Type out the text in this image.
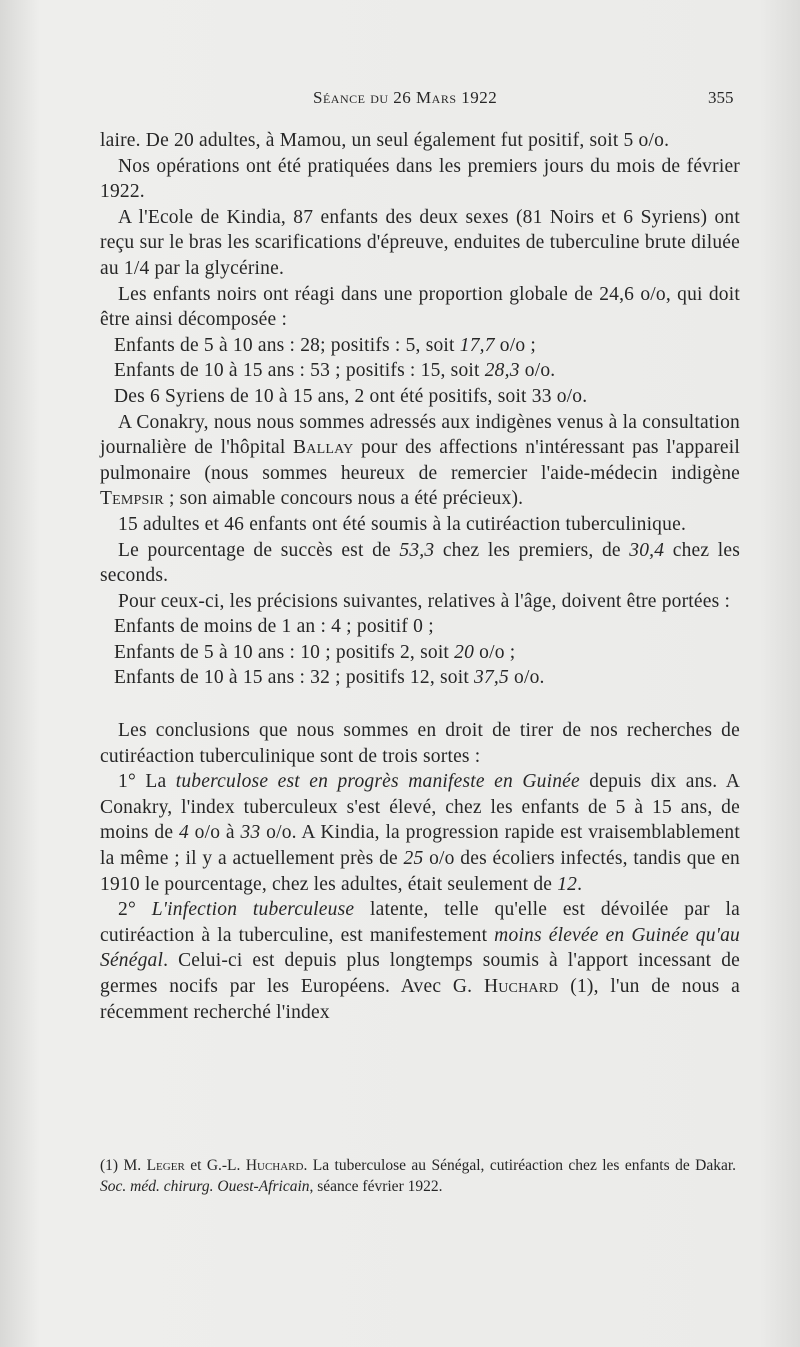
Séance du 26 Mars 1922	355

laire. De 20 adultes, à Mamou, un seul également fut positif, soit 5 o/o.

Nos opérations ont été pratiquées dans les premiers jours du mois de février 1922.

A l'Ecole de Kindia, 87 enfants des deux sexes (81 Noirs et 6 Syriens) ont reçu sur le bras les scarifications d'épreuve, enduites de tuberculine brute diluée au 1/4 par la glycérine.

Les enfants noirs ont réagi dans une proportion globale de 24,6 o/o, qui doit être ainsi décomposée :

Enfants de 5 à 10 ans : 28; positifs : 5, soit 17,7 o/o ;

Enfants de 10 à 15 ans : 53 ; positifs : 15, soit 28,3 o/o.

Des 6 Syriens de 10 à 15 ans, 2 ont été positifs, soit 33 o/o.

A Conakry, nous nous sommes adressés aux indigènes venus à la consultation journalière de l'hôpital Ballay pour des affections n'intéressant pas l'appareil pulmonaire (nous sommes heureux de remercier l'aide-médecin indigène Tempsir ; son aimable concours nous a été précieux).

15 adultes et 46 enfants ont été soumis à la cutiréaction tuberculinique.

Le pourcentage de succès est de 53,3 chez les premiers, de 30,4 chez les seconds.

Pour ceux-ci, les précisions suivantes, relatives à l'âge, doivent être portées :

Enfants de moins de 1 an : 4 ; positif 0 ;

Enfants de 5 à 10 ans : 10 ; positifs 2, soit 20 o/o ;

Enfants de 10 à 15 ans : 32 ; positifs 12, soit 37,5 o/o.

Les conclusions que nous sommes en droit de tirer de nos recherches de cutiréaction tuberculinique sont de trois sortes :

1° La tuberculose est en progrès manifeste en Guinée depuis dix ans. A Conakry, l'index tuberculeux s'est élevé, chez les enfants de 5 à 15 ans, de moins de 4 o/o à 33 o/o. A Kindia, la progression rapide est vraisemblablement la même ; il y a actuellement près de 25 o/o des écoliers infectés, tandis que en 1910 le pourcentage, chez les adultes, était seulement de 12.

2° L'infection tuberculeuse latente, telle qu'elle est dévoilée par la cutiréaction à la tuberculine, est manifestement moins élevée en Guinée qu'au Sénégal. Celui-ci est depuis plus longtemps soumis à l'apport incessant de germes nocifs par les Européens. Avec G. Huchard (1), l'un de nous a récemment recherché l'index

(1) M. Leger et G.-L. Huchard. La tuberculose au Sénégal, cutiréaction chez les enfants de Dakar. Soc. méd. chirurg. Ouest-Africain, séance février 1922.
